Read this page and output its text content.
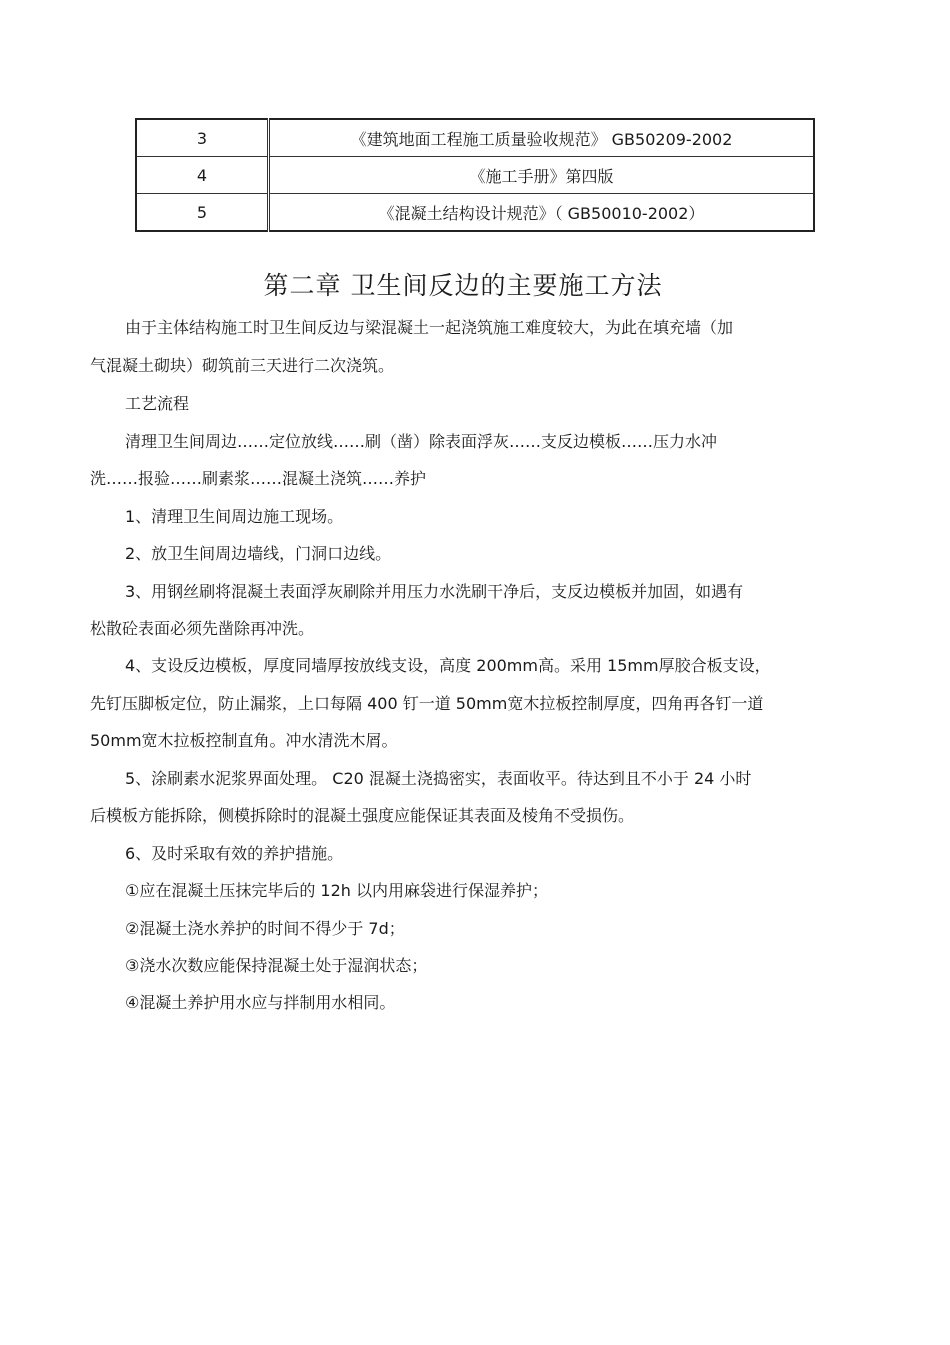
3	《建筑地面工程施工质量验收规范》 GB50209-2002
4	《施工手册》第四版
5	《混凝土结构设计规范》（ GB50010-2002）
第二章 卫生间反边的主要施工方法

由于主体结构施工时卫生间反边与梁混凝土一起浇筑施工难度较大，为此在填充墙（加

气混凝土砌块）砌筑前三天进行二次浇筑。

工艺流程

清理卫生间周边……定位放线……刷（凿）除表面浮灰……支反边模板……压力水冲

洗……报验……刷素浆……混凝土浇筑……养护

1、清理卫生间周边施工现场。

2、放卫生间周边墙线，门洞口边线。

3、用钢丝刷将混凝土表面浮灰刷除并用压力水洗刷干净后，支反边模板并加固，如遇有

松散砼表面必须先凿除再冲洗。

4、支设反边模板，厚度同墙厚按放线支设，高度 200mm高。采用 15mm厚胶合板支设，

先钉压脚板定位，防止漏浆，上口每隔 400 钉一道 50mm宽木拉板控制厚度，四角再各钉一道

50mm宽木拉板控制直角。冲水清洗木屑。

5、涂刷素水泥浆界面处理。 C20 混凝土浇捣密实，表面收平。待达到且不小于 24 小时

后模板方能拆除，侧模拆除时的混凝土强度应能保证其表面及棱角不受损伤。

6、及时采取有效的养护措施。

①应在混凝土压抹完毕后的 12h 以内用麻袋进行保湿养护；

②混凝土浇水养护的时间不得少于 7d；

③浇水次数应能保持混凝土处于湿润状态；

④混凝土养护用水应与拌制用水相同。
